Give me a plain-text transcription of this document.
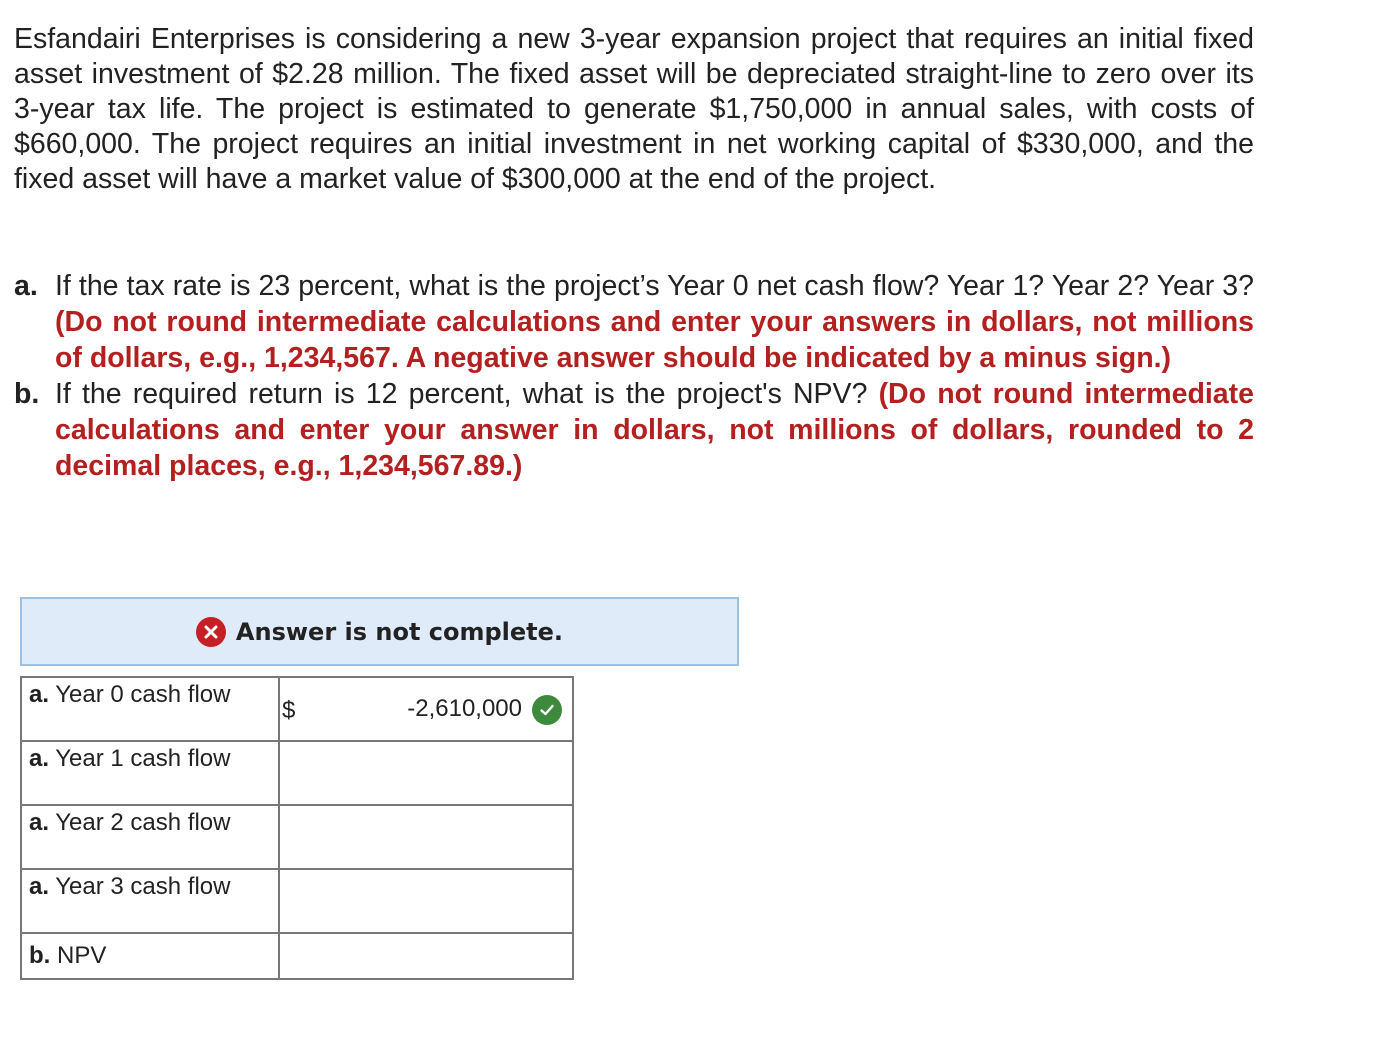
Esfandairi Enterprises is considering a new 3-year expansion project that requires an initial fixed asset investment of $2.28 million. The fixed asset will be depreciated straight-line to zero over its 3-year tax life. The project is estimated to generate $1,750,000 in annual sales, with costs of $660,000. The project requires an initial investment in net working capital of $330,000, and the fixed asset will have a market value of $300,000 at the end of the project.

a. If the tax rate is 23 percent, what is the project’s Year 0 net cash flow? Year 1? Year 2? Year 3? (Do not round intermediate calculations and enter your answers in dollars, not millions of dollars, e.g., 1,234,567. A negative answer should be indicated by a minus sign.)
b. If the required return is 12 percent, what is the project's NPV? (Do not round intermediate calculations and enter your answer in dollars, not millions of dollars, rounded to 2 decimal places, e.g., 1,234,567.89.)
Answer is not complete.
a. Year 0 cash flow	$ -2,610,000

a. Year 1 cash flow	
a. Year 2 cash flow	
a. Year 3 cash flow	
b. NPV	
